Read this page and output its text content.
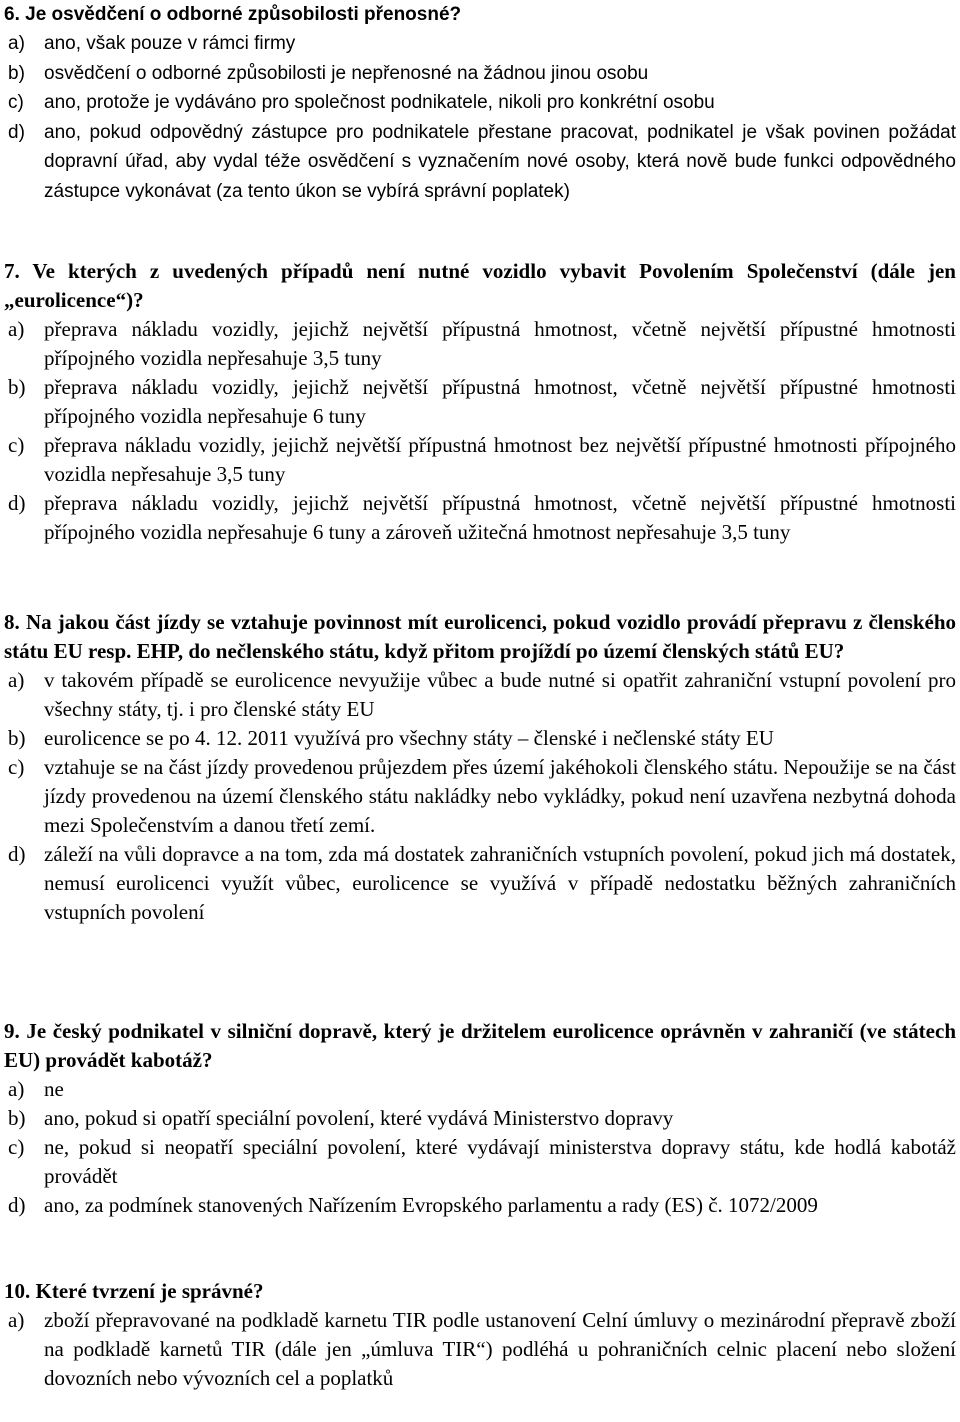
6. Je osvědčení o odborné způsobilosti přenosné?

a)	ano, však pouze v rámci firmy
b)	osvědčení o odborné způsobilosti je nepřenosné na žádnou jinou osobu
c)	ano, protože je vydáváno pro společnost podnikatele, nikoli pro konkrétní osobu
d)	ano, pokud odpovědný zástupce pro podnikatele přestane pracovat, podnikatel je však povinen požádat dopravní úřad, aby vydal téže osvědčení s vyznačením nové osoby, která nově bude funkci odpovědného zástupce vykonávat (za tento úkon se vybírá správní poplatek)

7. Ve kterých z uvedených případů není nutné vozidlo vybavit Povolením Společenství (dále jen „eurolicence“)?

a) přeprava nákladu vozidly, jejichž největší přípustná hmotnost, včetně největší přípustné hmotnosti přípojného vozidla nepřesahuje 3,5 tuny
b) přeprava nákladu vozidly, jejichž největší přípustná hmotnost, včetně největší přípustné hmotnosti přípojného vozidla nepřesahuje 6 tuny
c) přeprava nákladu vozidly, jejichž největší přípustná hmotnost bez největší přípustné hmotnosti přípojného vozidla nepřesahuje 3,5 tuny
d) přeprava nákladu vozidly, jejichž největší přípustná hmotnost, včetně největší přípustné hmotnosti přípojného vozidla nepřesahuje 6 tuny a zároveň užitečná hmotnost nepřesahuje 3,5 tuny

8. Na jakou část jízdy se vztahuje povinnost mít eurolicenci, pokud vozidlo provádí přepravu z členského státu EU resp. EHP, do nečlenského státu, když přitom projíždí po území členských států EU?

a) v takovém případě se eurolicence nevyužije vůbec a bude nutné si opatřit zahraniční vstupní povolení pro všechny státy, tj. i pro členské státy EU
b) eurolicence se po 4. 12. 2011 využívá pro všechny státy – členské i nečlenské státy EU
c) vztahuje se na část jízdy provedenou průjezdem přes území jakéhokoli členského státu. Nepoužije se na část jízdy provedenou na území členského státu nakládky nebo vykládky, pokud není uzavřena nezbytná dohoda mezi Společenstvím a danou třetí zemí.
d) záleží na vůli dopravce a na tom, zda má dostatek zahraničních vstupních povolení, pokud jich má dostatek, nemusí eurolicenci využít vůbec, eurolicence se využívá v případě nedostatku běžných zahraničních vstupních povolení

9. Je český podnikatel v silniční dopravě, který je držitelem eurolicence oprávněn v zahraničí (ve státech EU) provádět kabotáž?

a) ne
b) ano, pokud si opatří speciální povolení, které vydává Ministerstvo dopravy
c) ne, pokud si neopatří speciální povolení, které vydávají ministerstva dopravy státu, kde hodlá kabotáž provádět
d) ano, za podmínek stanovených Nařízením Evropského parlamentu a rady (ES) č. 1072/2009

10. Které tvrzení je správné?

a) zboží přepravované na podkladě karnetu TIR podle ustanovení Celní úmluvy o mezinárodní přepravě zboží na podkladě karnetů TIR (dále jen „úmluva TIR“) podléhá u pohraničních celnic placení nebo složení dovozních nebo vývozních cel a poplatků
